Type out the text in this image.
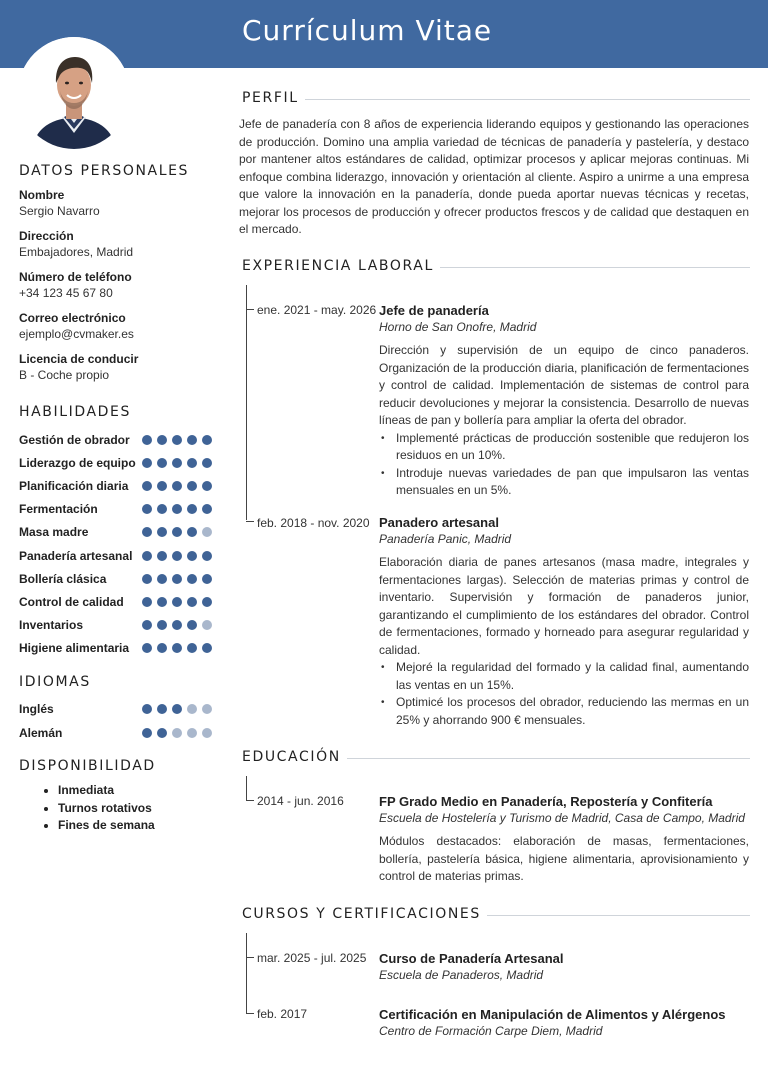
Currículum Vitae
DATOS PERSONALES
Nombre
Sergio Navarro
Dirección
Embajadores, Madrid
Número de teléfono
+34 123 45 67 80
Correo electrónico
ejemplo@cvmaker.es
Licencia de conducir
B - Coche propio
HABILIDADES
Gestión de obrador
Liderazgo de equipo
Planificación diaria
Fermentación
Masa madre
Panadería artesanal
Bollería clásica
Control de calidad
Inventarios
Higiene alimentaria
IDIOMAS
Inglés
Alemán
DISPONIBILIDAD
Inmediata
Turnos rotativos
Fines de semana
PERFIL
Jefe de panadería con 8 años de experiencia liderando equipos y gestionando las operaciones de producción. Domino una amplia variedad de técnicas de panadería y pastelería, y destaco por mantener altos estándares de calidad, optimizar procesos y aplicar mejoras continuas. Mi enfoque combina liderazgo, innovación y orientación al cliente. Aspiro a unirme a una empresa que valore la innovación en la panadería, donde pueda aportar nuevas técnicas y recetas, mejorar los procesos de producción y ofrecer productos frescos y de calidad que destaquen en el mercado.
EXPERIENCIA LABORAL
ene. 2021 - may. 2026 Jefe de panadería
Horno de San Onofre, Madrid
Dirección y supervisión de un equipo de cinco panaderos. Organización de la producción diaria, planificación de fermentaciones y control de calidad. Implementación de sistemas de control para reducir devoluciones y mejorar la consistencia. Desarrollo de nuevas líneas de pan y bollería para ampliar la oferta del obrador.
• Implementé prácticas de producción sostenible que redujeron los residuos en un 10%.
• Introduje nuevas variedades de pan que impulsaron las ventas mensuales en un 5%.
feb. 2018 - nov. 2020 Panadero artesanal
Panadería Panic, Madrid
Elaboración diaria de panes artesanos (masa madre, integrales y fermentaciones largas). Selección de materias primas y control de inventario. Supervisión y formación de panaderos junior, garantizando el cumplimiento de los estándares del obrador. Control de fermentaciones, formado y horneado para asegurar regularidad y calidad.
• Mejoré la regularidad del formado y la calidad final, aumentando las ventas en un 15%.
• Optimicé los procesos del obrador, reduciendo las mermas en un 25% y ahorrando 900 € mensuales.
EDUCACIÓN
2014 - jun. 2016	FP Grado Medio en Panadería, Repostería y Confitería
Escuela de Hostelería y Turismo de Madrid, Casa de Campo, Madrid
Módulos destacados: elaboración de masas, fermentaciones, bollería, pastelería básica, higiene alimentaria, aprovisionamiento y control de materias primas.
CURSOS Y CERTIFICACIONES
mar. 2025 - jul. 2025 Curso de Panadería Artesanal
Escuela de Panaderos, Madrid
feb. 2017	Certificación en Manipulación de Alimentos y Alérgenos
Centro de Formación Carpe Diem, Madrid
